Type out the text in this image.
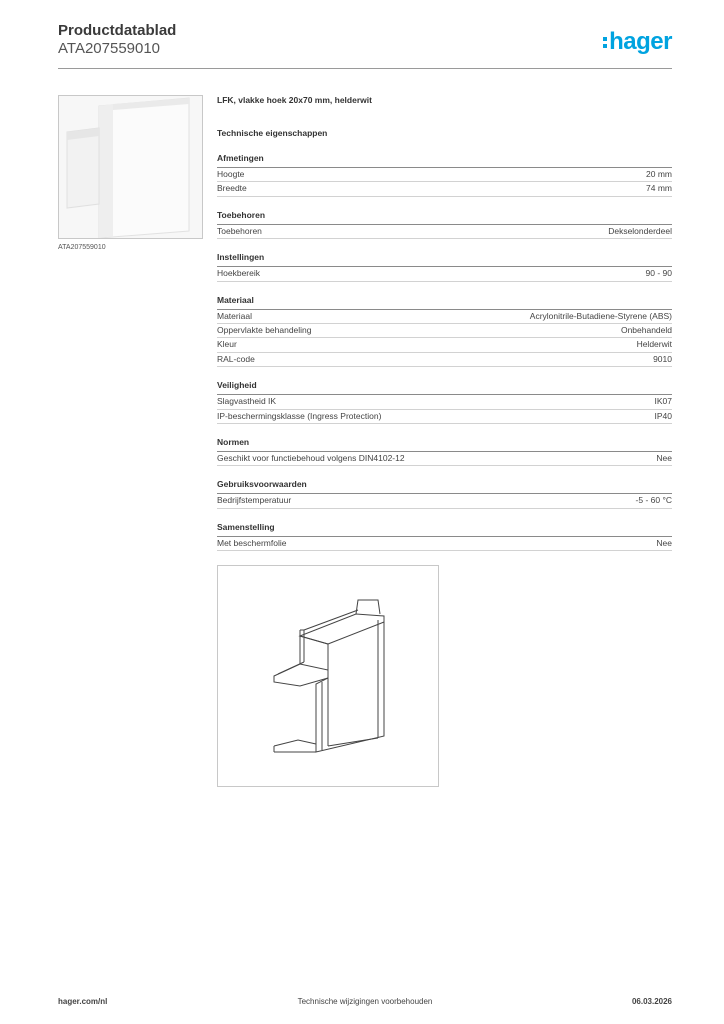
Productdatablad
ATA207559010	hager
ATA207559010
LFK, vlakke hoek 20x70 mm, helderwit
Technische eigenschappen
Afmetingen
Hoogte	20 mm
Breedte	74 mm
Toebehoren
Toebehoren	Dekselonderdeel
Instellingen
Hoekbereik	90 - 90
Materiaal
Materiaal	Acrylonitrile-Butadiene-Styrene (ABS)
Oppervlakte behandeling	Onbehandeld
Kleur	Helderwit
RAL-code	9010
Veiligheid
Slagvastheid IK	IK07
IP-beschermingsklasse (Ingress Protection)	IP40
Normen
Geschikt voor functiebehoud volgens DIN4102-12	Nee
Gebruiksvoorwaarden
Bedrijfstemperatuur	-5 - 60 °C
Samenstelling
Met beschermfolie	Nee
hager.com/nl	Technische wijzigingen voorbehouden	06.03.2026
